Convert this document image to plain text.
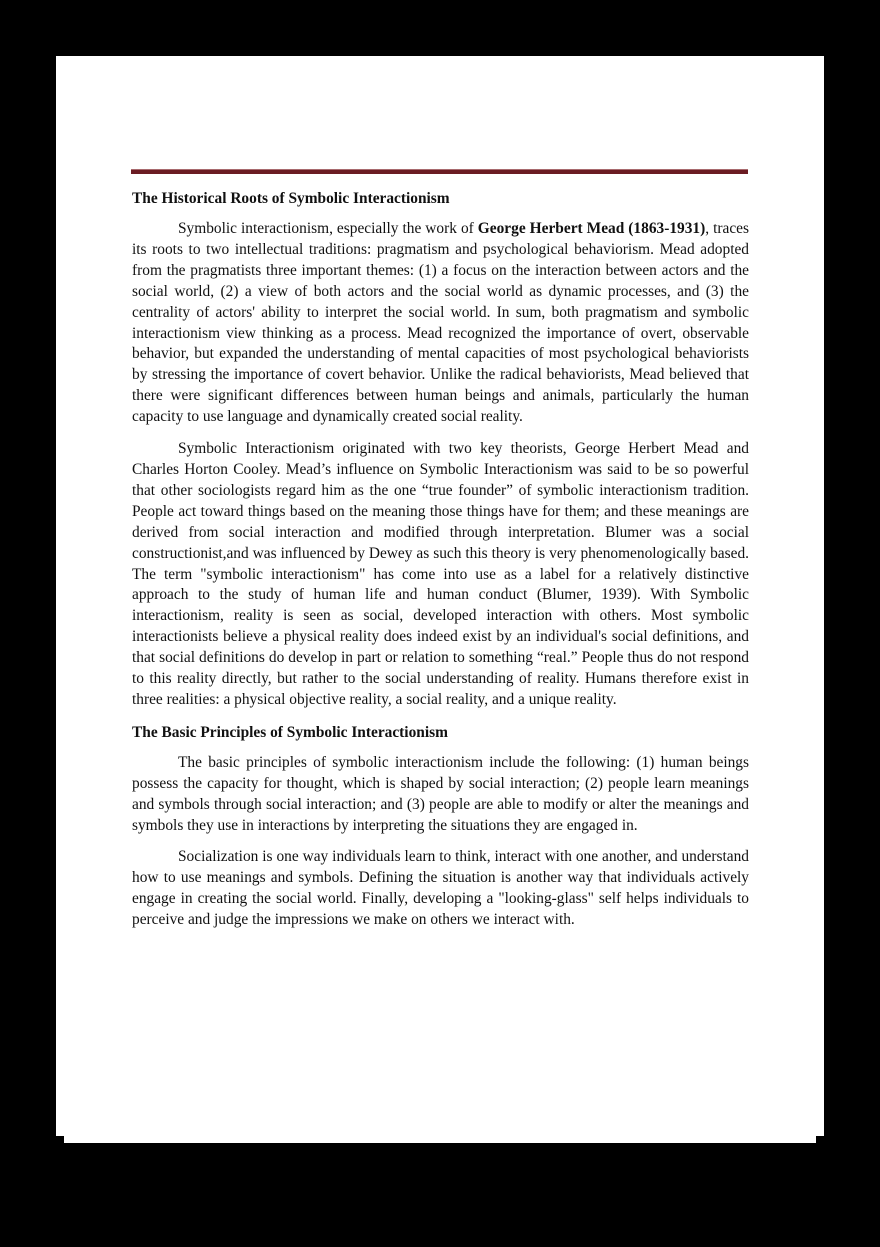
The Historical Roots of Symbolic Interactionism

Symbolic interactionism, especially the work of George Herbert Mead (1863-1931), traces its roots to two intellectual traditions: pragmatism and psychological behaviorism. Mead adopted from the pragmatists three important themes: (1) a focus on the interaction between actors and the social world, (2) a view of both actors and the social world as dynamic processes, and (3) the centrality of actors' ability to interpret the social world. In sum, both pragmatism and symbolic interactionism view thinking as a process. Mead recognized the importance of overt, observable behavior, but expanded the understanding of mental capacities of most psychological behaviorists by stressing the importance of covert behavior. Unlike the radical behaviorists, Mead believed that there were significant differences between human beings and animals, particularly the human capacity to use language and dynamically created social reality.

Symbolic Interactionism originated with two key theorists, George Herbert Mead and Charles Horton Cooley. Mead’s influence on Symbolic Interactionism was said to be so powerful that other sociologists regard him as the one “true founder” of symbolic interactionism tradition. People act toward things based on the meaning those things have for them; and these meanings are derived from social interaction and modified through interpretation. Blumer was a social constructionist,and was influenced by Dewey as such this theory is very phenomenologically based. The term "symbolic interactionism" has come into use as a label for a relatively distinctive approach to the study of human life and human conduct (Blumer, 1939). With Symbolic interactionism, reality is seen as social, developed interaction with others. Most symbolic interactionists believe a physical reality does indeed exist by an individual's social definitions, and that social definitions do develop in part or relation to something “real.” People thus do not respond to this reality directly, but rather to the social understanding of reality. Humans therefore exist in three realities: a physical objective reality, a social reality, and a unique reality.

The Basic Principles of Symbolic Interactionism

The basic principles of symbolic interactionism include the following: (1) human beings possess the capacity for thought, which is shaped by social interaction; (2) people learn meanings and symbols through social interaction; and (3) people are able to modify or alter the meanings and symbols they use in interactions by interpreting the situations they are engaged in.

Socialization is one way individuals learn to think, interact with one another, and understand how to use meanings and symbols. Defining the situation is another way that individuals actively engage in creating the social world. Finally, developing a "looking-glass" self helps individuals to perceive and judge the impressions we make on others we interact with.
